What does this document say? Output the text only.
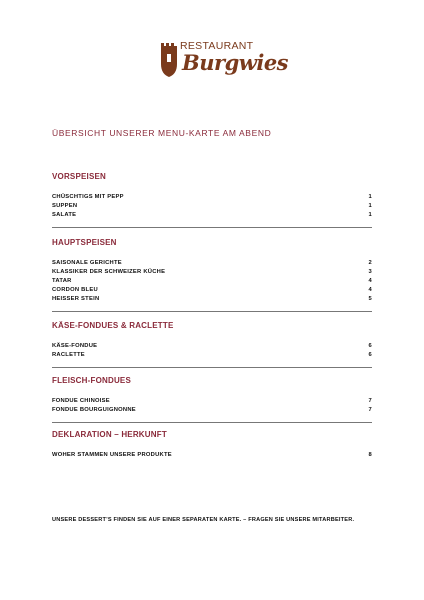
RESTAURANT
Burgwies
ÜBERSICHT UNSERER MENU-KARTE AM ABEND
VORSPEISEN
CHÜSCHTIGS MIT PEPP	1
SUPPEN	1
SALATE	1
HAUPTSPEISEN
SAISONALE GERICHTE	2
KLASSIKER DER SCHWEIZER KÜCHE	3
TATAR	4
CORDON BLEU	4
HEISSER STEIN	5
KÄSE-FONDUES & RACLETTE
KÄSE-FONDUE	6
RACLETTE	6
FLEISCH-FONDUES
FONDUE CHINOISE	7
FONDUE BOURGUIGNONNE	7
DEKLARATION – HERKUNFT
WOHER STAMMEN UNSERE PRODUKTE	8
UNSERE DESSERT’S FINDEN SIE AUF EINER SEPARATEN KARTE. – FRAGEN SIE UNSERE MITARBEITER.
